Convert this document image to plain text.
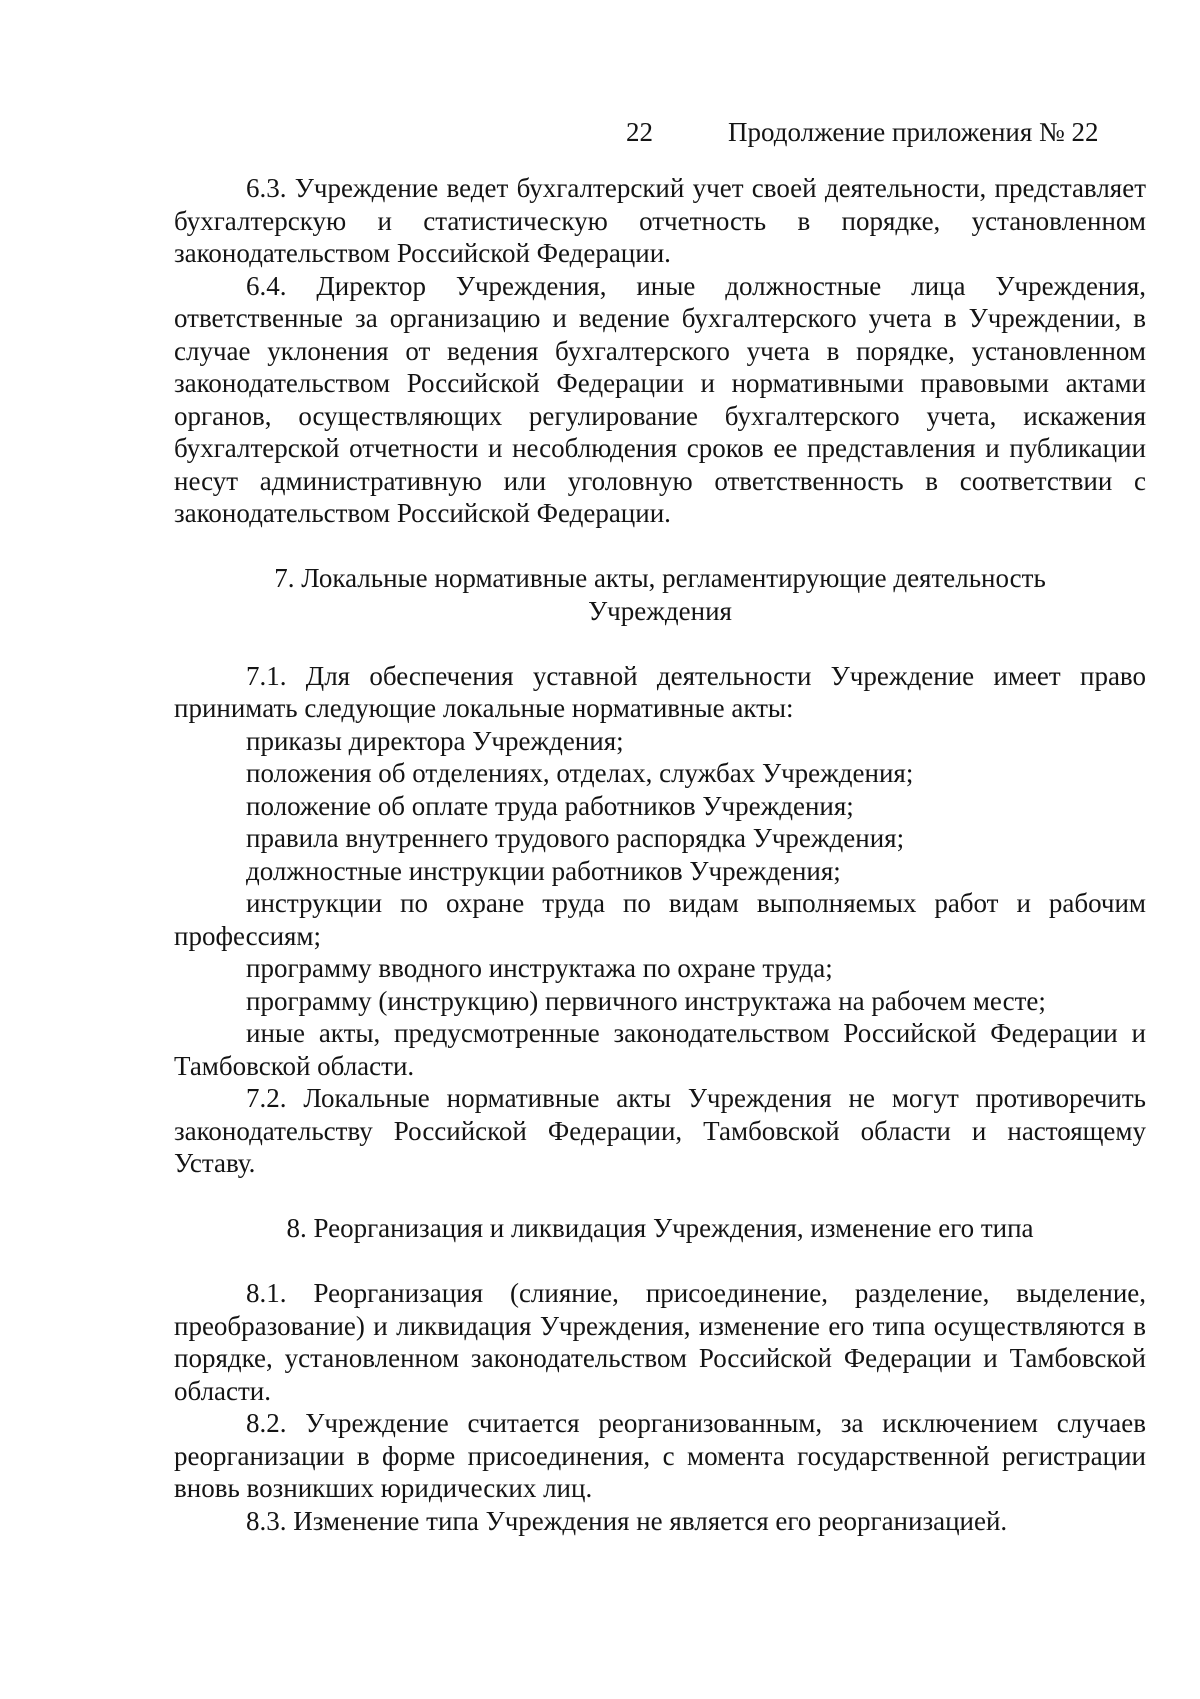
22	Продолжение приложения № 22

6.3. Учреждение ведет бухгалтерский учет своей деятельности, представляет бухгалтерскую и статистическую отчетность в порядке, установленном законодательством Российской Федерации.

6.4. Директор Учреждения, иные должностные лица Учреждения, ответственные за организацию и ведение бухгалтерского учета в Учреждении, в случае уклонения от ведения бухгалтерского учета в порядке, установленном законодательством Российской Федерации и нормативными правовыми актами органов, осуществляющих регулирование бухгалтерского учета, искажения бухгалтерской отчетности и несоблюдения сроков ее представления и публикации несут административную или уголовную ответственность в соответствии с законодательством Российской Федерации.

7. Локальные нормативные акты, регламентирующие деятельность
Учреждения

7.1. Для обеспечения уставной деятельности Учреждение имеет право принимать следующие локальные нормативные акты:

приказы директора Учреждения;

положения об отделениях, отделах, службах Учреждения;

положение об оплате труда работников Учреждения;

правила внутреннего трудового распорядка Учреждения;

должностные инструкции работников Учреждения;

инструкции по охране труда по видам выполняемых работ и рабочим профессиям;

программу вводного инструктажа по охране труда;

программу (инструкцию) первичного инструктажа на рабочем месте;

иные акты, предусмотренные законодательством Российской Федерации и Тамбовской области.

7.2. Локальные нормативные акты Учреждения не могут противоречить законодательству Российской Федерации, Тамбовской области и настоящему Уставу.

8. Реорганизация и ликвидация Учреждения, изменение его типа

8.1. Реорганизация (слияние, присоединение, разделение, выделение, преобразование) и ликвидация Учреждения, изменение его типа осуществляются в порядке, установленном законодательством Российской Федерации и Тамбовской области.

8.2. Учреждение считается реорганизованным, за исключением случаев реорганизации в форме присоединения, с момента государственной регистрации вновь возникших юридических лиц.

8.3. Изменение типа Учреждения не является его реорганизацией.
